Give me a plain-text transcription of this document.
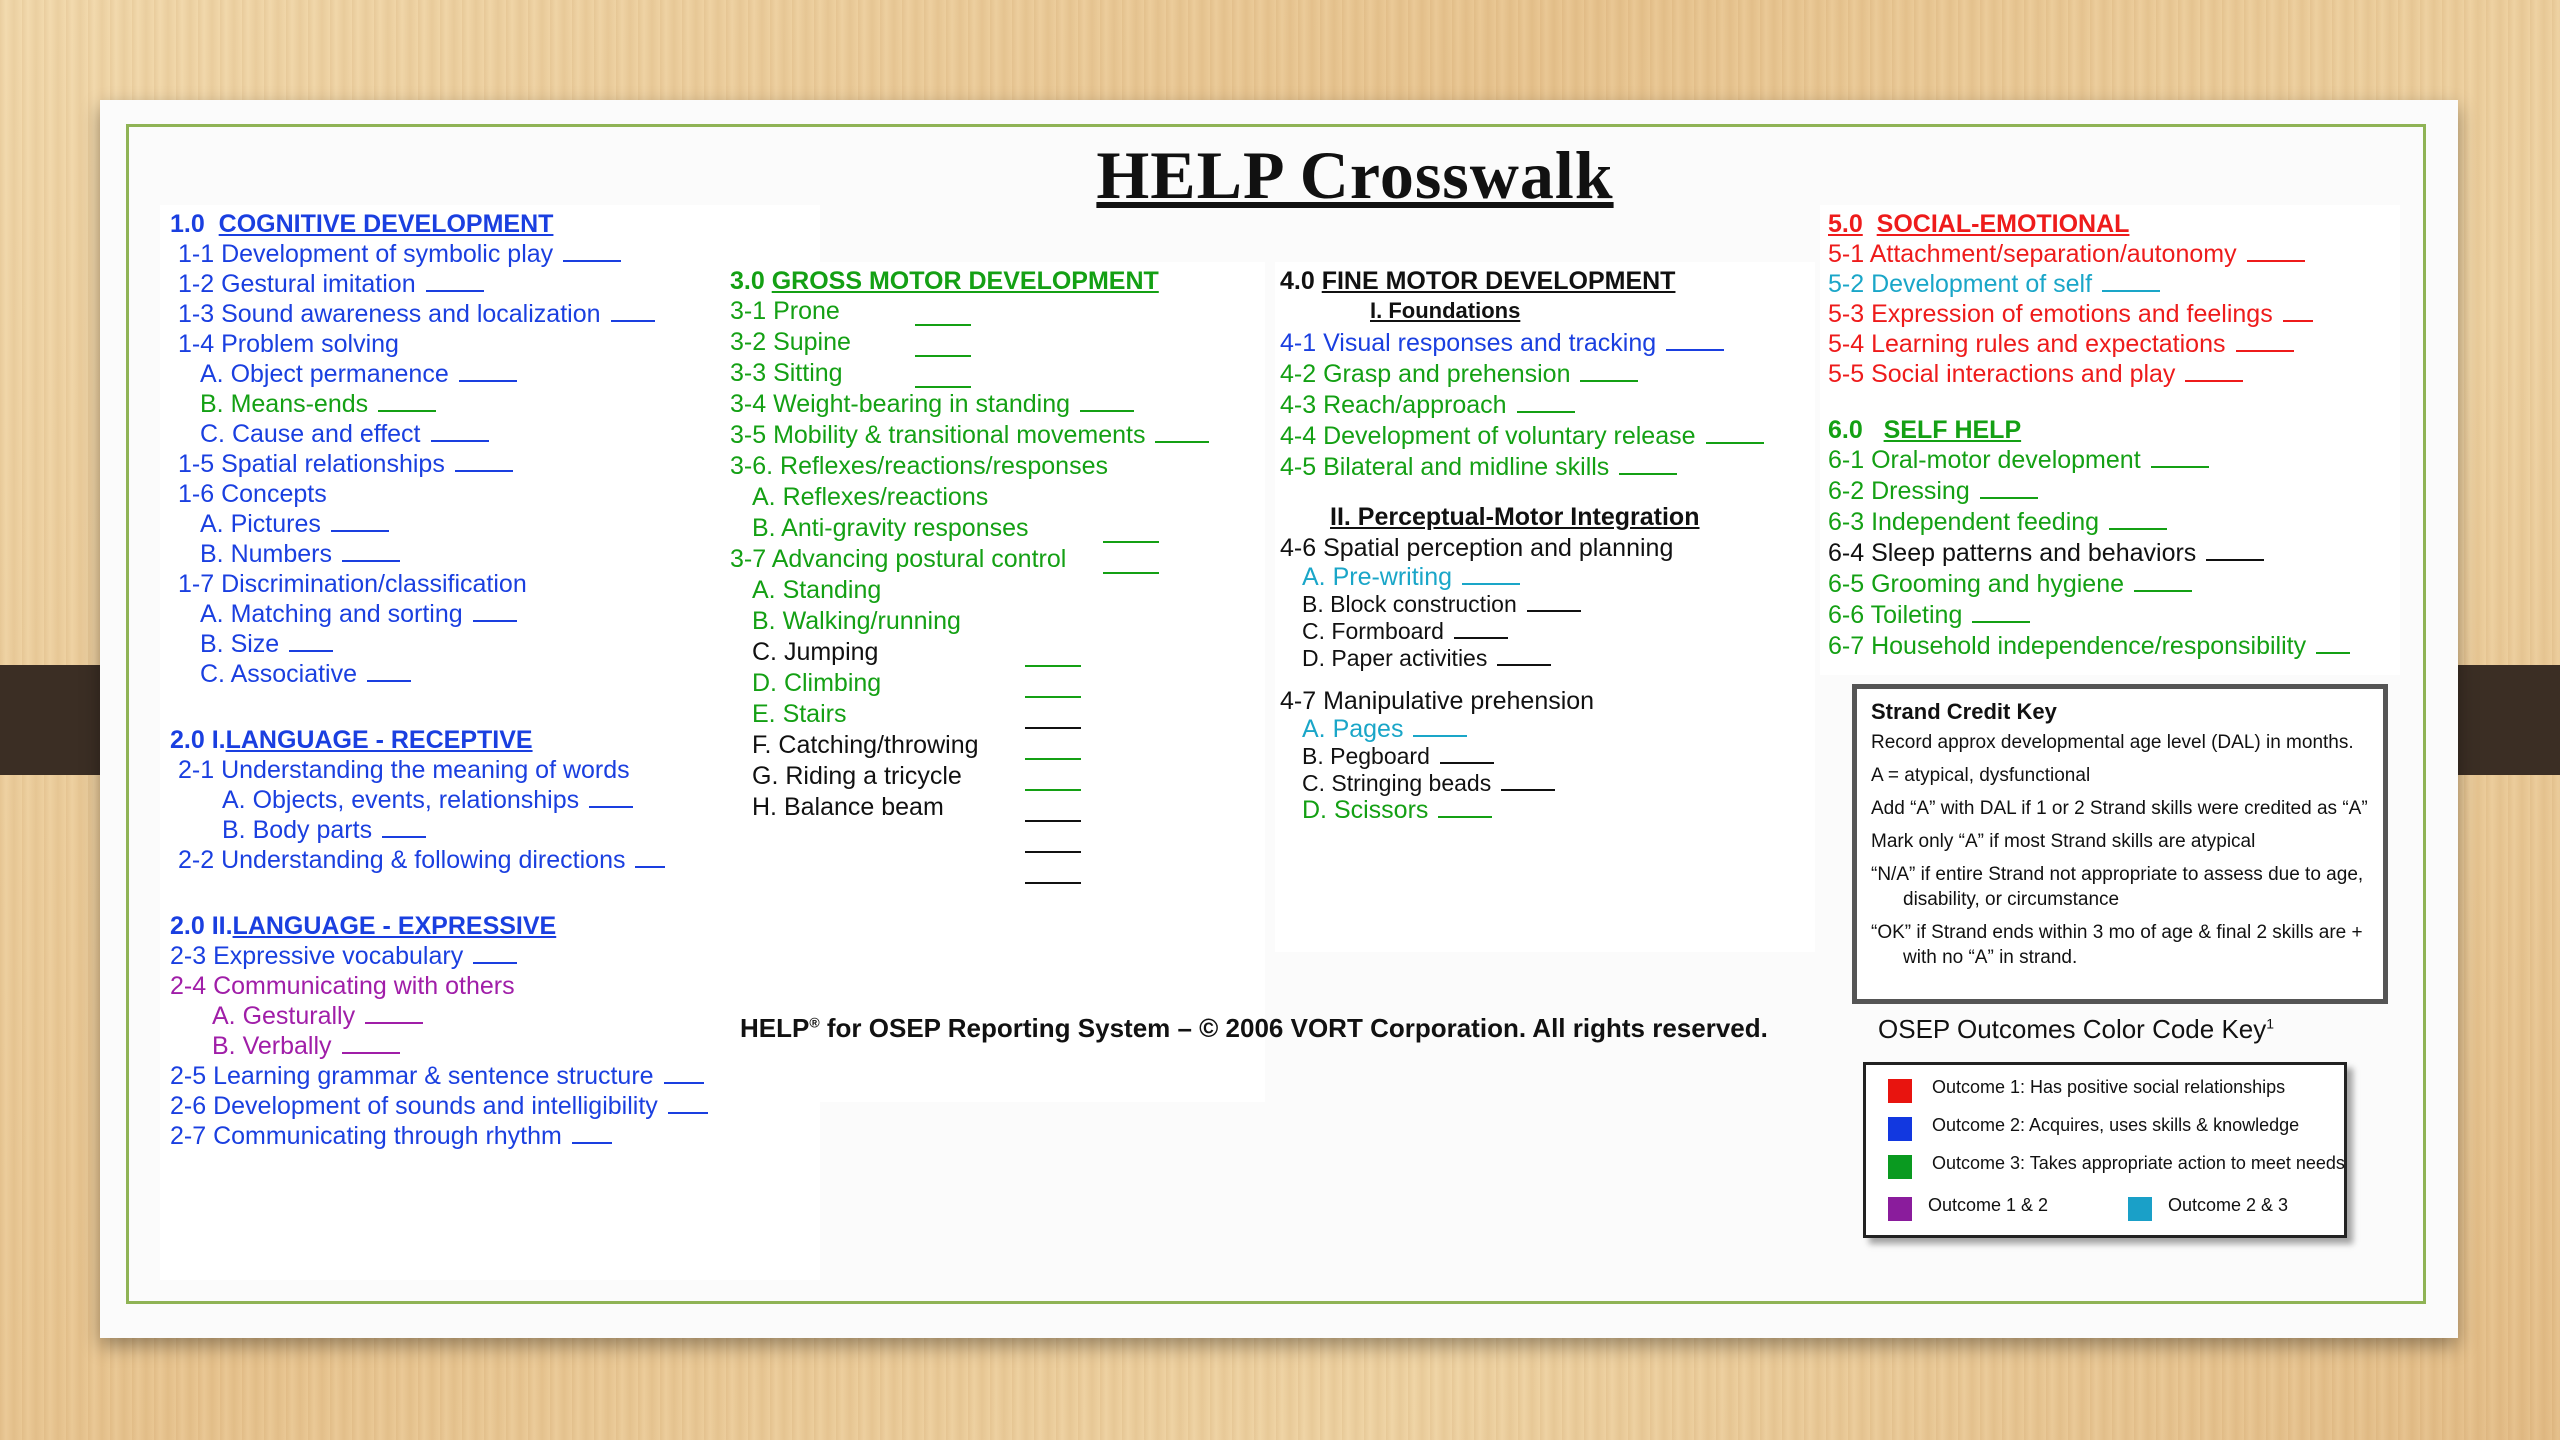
HELP Crosswalk
1.0 COGNITIVE DEVELOPMENT
1-1 Development of symbolic play
1-2 Gestural imitation
1-3 Sound awareness and localization
1-4 Problem solving
A. Object permanence
B. Means-ends
C. Cause and effect
1-5 Spatial relationships
1-6 Concepts
A. Pictures
B. Numbers
1-7 Discrimination/classification
A. Matching and sorting
B. Size
C. Associative
2.0 I.LANGUAGE - RECEPTIVE
2-1 Understanding the meaning of words
A. Objects, events, relationships
B. Body parts
2-2 Understanding & following directions
2.0 II.LANGUAGE - EXPRESSIVE
2-3 Expressive vocabulary
2-4 Communicating with others
A. Gesturally
B. Verbally
2-5 Learning grammar & sentence structure
2-6 Development of sounds and intelligibility
2-7 Communicating through rhythm
3.0 GROSS MOTOR DEVELOPMENT
3-1 Prone
3-2 Supine
3-3 Sitting
3-4 Weight-bearing in standing
3-5 Mobility & transitional movements
3-6. Reflexes/reactions/responses
A. Reflexes/reactions
B. Anti-gravity responses
3-7 Advancing postural control
A. Standing
B. Walking/running
C. Jumping
D. Climbing
E. Stairs
F. Catching/throwing
G. Riding a tricycle
H. Balance beam
4.0 FINE MOTOR DEVELOPMENT
I. Foundations
4-1 Visual responses and tracking
4-2 Grasp and prehension
4-3 Reach/approach
4-4 Development of voluntary release
4-5 Bilateral and midline skills
II. Perceptual-Motor Integration
4-6 Spatial perception and planning
A. Pre-writing
B. Block construction
C. Formboard
D. Paper activities
4-7 Manipulative prehension
A. Pages
B. Pegboard
C. Stringing beads
D. Scissors
HELP® for OSEP Reporting System – © 2006 VORT Corporation. All rights reserved.
5.0 SOCIAL-EMOTIONAL
5-1 Attachment/separation/autonomy
5-2 Development of self
5-3 Expression of emotions and feelings
5-4 Learning rules and expectations
5-5 Social interactions and play
6.0 SELF HELP
6-1 Oral-motor development
6-2 Dressing
6-3 Independent feeding
6-4 Sleep patterns and behaviors
6-5 Grooming and hygiene
6-6 Toileting
6-7 Household independence/responsibility
Strand Credit Key
Record approx developmental age level (DAL) in months.
A = atypical, dysfunctional
Add “A” with DAL if 1 or 2 Strand skills were credited as “A”
Mark only “A” if most Strand skills are atypical
“N/A” if entire Strand not appropriate to assess due to age,
disability, or circumstance
“OK” if Strand ends within 3 mo of age & final 2 skills are +
with no “A” in strand.
OSEP Outcomes Color Code Key$^1$
Outcome 1: Has positive social relationships
Outcome 2: Acquires, uses skills & knowledge
Outcome 3: Takes appropriate action to meet needs
Outcome 1 & 2	Outcome 2 & 3
